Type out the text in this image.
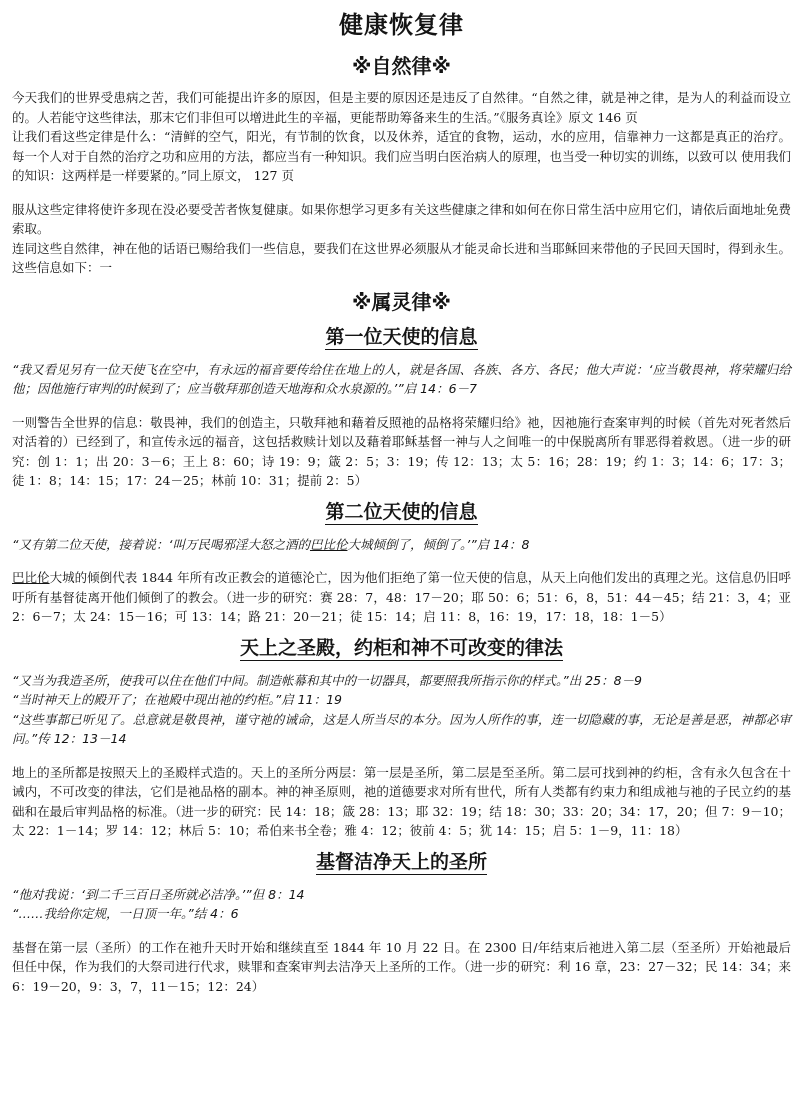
健康恢复律
※自然律※

今天我们的世界受患病之苦，我们可能提出许多的原因，但是主要的原因还是违反了自然律。“自然之律，就是神之律，是为人的利益而设立的。人若能守这些律法，那末它们非但可以增进此生的辛福，更能帮助筹备来生的生活。”《服务真诠》原文 146 页

让我们看这些定律是什么：“清鲜的空气，阳光，有节制的饮食，以及休养，适宜的食物，运动，水的应用，信靠神力一这都是真正的治疗。每一个人对于自然的治疗之功和应用的方法，都应当有一种知识。我们应当明白医治病人的原理，也当受一种切实的训练，以致可以 使用我们的知识：这两样是一样要紧的。”同上原文， 127 页

服从这些定律将使许多现在没必要受苦者恢复健康。如果你想学习更多有关这些健康之律和如何在你日常生活中应用它们，请依后面地址免费索取。

连同这些自然律，神在他的话语已赐给我们一些信息，要我们在这世界必须服从才能灵命长进和当耶稣回来带他的子民回天国时，得到永生。这些信息如下：一

※属灵律※
第一位天使的信息

“我又看见另有一位天使飞在空中，有永远的福音要传给住在地上的人，就是各国、各族、各方、各民；他大声说：‘应当敬畏神，将荣耀归给他；因他施行审判的时候到了；应当敬拜那创造天地海和众水泉源的。’”启 14：6－7

一则警告全世界的信息：敬畏神，我们的创造主，只敬拜祂和藉着反照祂的品格将荣耀归给》祂，因祂施行查案审判的时候（首先对死者然后对活着的）已经到了，和宣传永远的福音，这包括救赎计划以及藉着耶稣基督一神与人之间唯一的中保脱离所有罪恶得着救恩。（进一步的研究：创 1：1；出 20：3－6；王上 8：60；诗 19：9；箴 2：5；3：19；传 12：13；太 5：16；28：19；约 1：3；14：6；17：3；徒 1：8；14：15；17：24－25；林前 10：31；提前 2：5）

第二位天使的信息

“又有第二位天使，接着说：‘叫万民喝邪淫大怒之酒的巴比伦大城倾倒了，倾倒了。’”启 14：8

巴比伦大城的倾倒代表 1844 年所有改正教会的道德沦亡，因为他们拒绝了第一位天使的信息，从天上向他们发出的真理之光。这信息仍旧呼吁所有基督徒离开他们倾倒了的教会。（进一步的研究：赛 28：7，48：17－20；耶 50：6；51：6，8，51：44－45；结 21：3，4；亚 2：6－7；太 24：15－16；可 13：14；路 21：20－21；徒 15：14；启 11：8，16：19，17：18，18：1－5）

天上之圣殿，约柜和神不可改变的律法

“又当为我造圣所，使我可以住在他们中间。制造帐幕和其中的一切器具，都要照我所指示你的样式。”出 25：8－9

“当时神天上的殿开了；在祂殿中现出祂的约柜。”启 11：19

“这些事都已听见了。总意就是敬畏神，谨守祂的诫命，这是人所当尽的本分。因为人所作的事，连一切隐藏的事，无论是善是恶，神都必审问。”传 12：13－14

地上的圣所都是按照天上的圣殿样式造的。天上的圣所分两层：第一层是圣所，第二层是至圣所。第二层可找到神的约柜，含有永久包含在十诫内，不可改变的律法，它们是祂品格的副本。神的神圣原则，祂的道德要求对所有世代，所有人类都有约束力和组成祂与祂的子民立约的基础和在最后审判品格的标准。（进一步的研究：民 14：18；箴 28：13；耶 32：19；结 18：30；33：20；34：17，20；但 7：9－10；太 22：1－14；罗 14：12；林后 5：10；希伯来书全卷；雅 4：12；彼前 4：5；犹 14：15；启 5：1－9，11：18）

基督洁净天上的圣所

“他对我说：‘到二千三百日圣所就必洁净。’”但 8：14

“……我给你定规，一日顶一年。”结 4：6

基督在第一层（圣所）的工作在祂升天时开始和继续直至 1844 年 10 月 22 日。在 2300 日/年结束后祂进入第二层（至圣所）开始祂最后但任中保，作为我们的大祭司进行代求，赎罪和查案审判去洁净天上圣所的工作。（进一步的研究：利 16 章，23：27－32；民 14：34；来 6：19－20，9：3，7，11－15；12：24）
